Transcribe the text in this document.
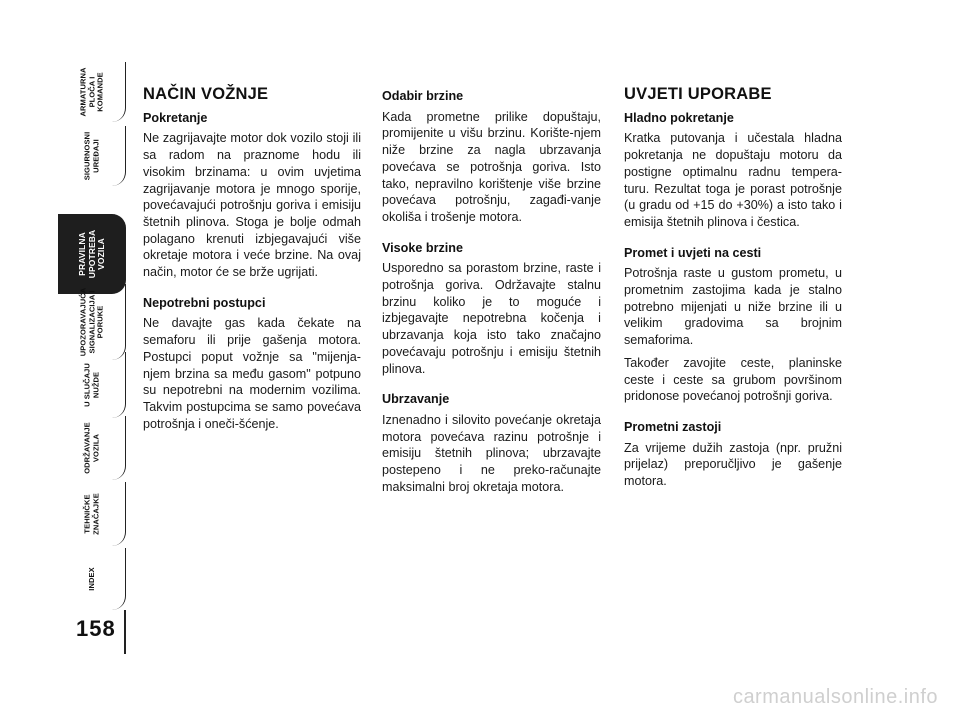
ARMATURNA
PLOČA I
KOMANDE
SIGURNOSNI
UREĐAJI
PRAVILNA
UPOTREBA
VOZILA
UPOZORAVAJUĆA
SIGNALIZACIJA I
PORUKE
U SLUČAJU
NUŽDE
ODRŽAVANJE
VOZILA
TEHNIČKE
ZNAČAJKE
INDEX
158
NAČIN VOŽNJE
Pokretanje

Ne zagrijavajte motor dok vozilo stoji ili sa radom na praznome hodu ili visokim brzinama: u ovim uvjetima zagrijavanje motora je mnogo sporije, povećavajući potrošnju goriva i emisiju štetnih plinova. Stoga je bolje odmah polagano krenuti izbjegavajući više okretaje motora i veće brzine. Na ovaj način, motor će se brže ugrijati.

Nepotrebni postupci

Ne davajte gas kada čekate na semaforu ili prije gašenja motora. Postupci poput vožnje sa "mijenja-njem brzina sa među gasom" potpuno su nepotrebni na modernim vozilima. Takvim postupcima se samo povećava potrošnja i oneči-šćenje.

Odabir brzine

Kada prometne prilike dopuštaju, promijenite u višu brzinu. Korište-njem niže brzine za nagla ubrzavanja povećava se potrošnja goriva. Isto tako, nepravilno korištenje više brzine povećava potrošnju, zagađi-vanje okoliša i trošenje motora.

Visoke brzine

Usporedno sa porastom brzine, raste i potrošnja goriva. Održavajte stalnu brzinu koliko je to moguće i izbjegavajte nepotrebna kočenja i ubrzavanja koja isto tako značajno povećavaju potrošnju i emisiju štetnih plinova.

Ubrzavanje

Iznenadno i silovito povećanje okretaja motora povećava razinu potrošnje i emisiju štetnih plinova; ubrzavajte postepeno i ne preko-računajte maksimalni broj okretaja motora.

UVJETI UPORABE
Hladno pokretanje

Kratka putovanja i učestala hladna pokretanja ne dopuštaju motoru da postigne optimalnu radnu tempera-turu. Rezultat toga je porast potrošnje (u gradu od +15 do +30%) a isto tako i emisija štetnih plinova i čestica.

Promet i uvjeti na cesti

Potrošnja raste u gustom prometu, u prometnim zastojima kada je stalno potrebno mijenjati u niže brzine ili u velikim gradovima sa brojnim semaforima.

Također zavojite ceste, planinske ceste i ceste sa grubom površinom pridonose povećanoj potrošnji goriva.

Prometni zastoji

Za vrijeme dužih zastoja (npr. pružni prijelaz) preporučljivo je gašenje motora.

carmanualsonline.info
